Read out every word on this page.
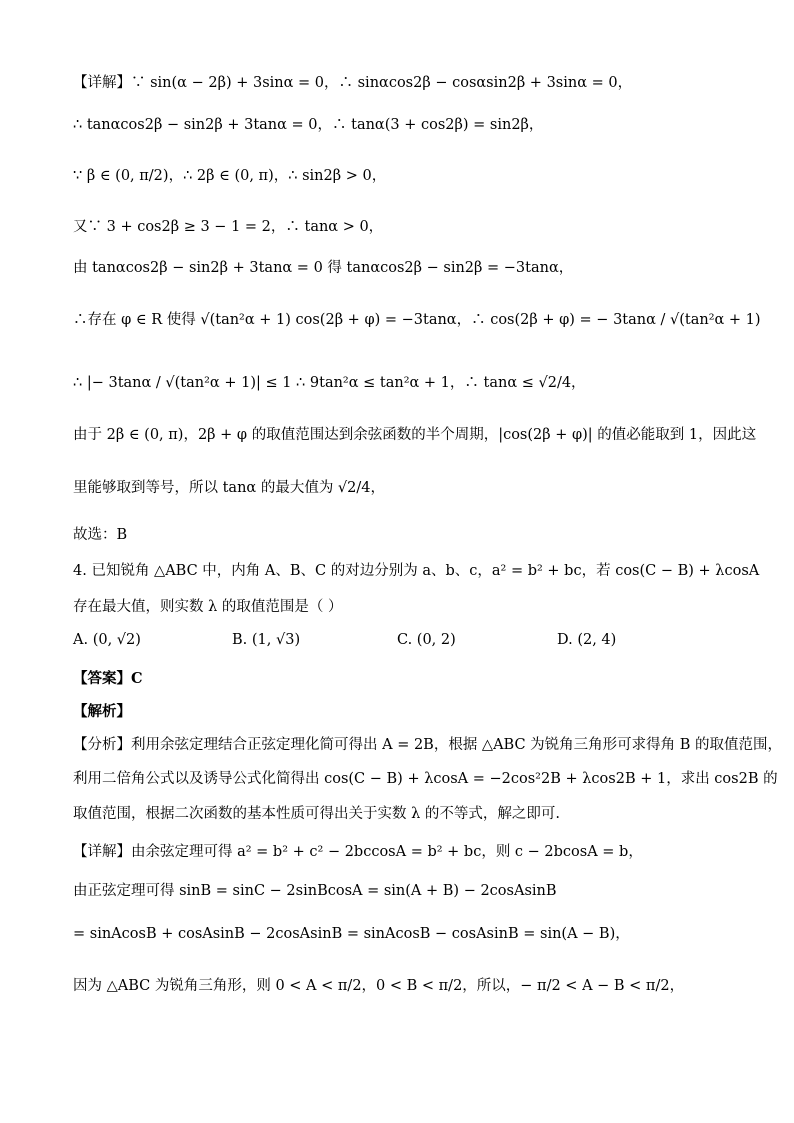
【详解】∵ sin(α − 2β) + 3sinα = 0，∴ sinαcos2β − cosαsin2β + 3sinα = 0，
∴ tanαcos2β − sin2β + 3tanα = 0，∴ tanα(3 + cos2β) = sin2β，
∵ β ∈ (0, π/2)，∴ 2β ∈ (0, π)，∴ sin2β > 0，
又∵ 3 + cos2β ≥ 3 − 1 = 2，∴ tanα > 0，
由 tanαcos2β − sin2β + 3tanα = 0 得 tanαcos2β − sin2β = −3tanα，
∴存在 φ ∈ R 使得 √(tan²α + 1) cos(2β + φ) = −3tanα，∴ cos(2β + φ) = − 3tanα / √(tan²α + 1)
∴ |− 3tanα / √(tan²α + 1)| ≤ 1 ∴ 9tan²α ≤ tan²α + 1，∴ tanα ≤ √2/4，
由于 2β ∈ (0, π)，2β + φ 的取值范围达到余弦函数的半个周期，|cos(2β + φ)| 的值必能取到 1，因此这
里能够取到等号，所以 tanα 的最大值为 √2/4，
故选：B
4. 已知锐角 △ABC 中，内角 A、B、C 的对边分别为 a、b、c，a² = b² + bc，若 cos(C − B) + λcosA
存在最大值，则实数 λ 的取值范围是（ ）
A. (0, √2)	B. (1, √3)	C. (0, 2)	D. (2, 4)
【答案】C
【解析】
【分析】利用余弦定理结合正弦定理化简可得出 A = 2B，根据 △ABC 为锐角三角形可求得角 B 的取值范围，
利用二倍角公式以及诱导公式化简得出 cos(C − B) + λcosA = −2cos²2B + λcos2B + 1，求出 cos2B 的
取值范围，根据二次函数的基本性质可得出关于实数 λ 的不等式，解之即可.
【详解】由余弦定理可得 a² = b² + c² − 2bccosA = b² + bc，则 c − 2bcosA = b，
由正弦定理可得 sinB = sinC − 2sinBcosA = sin(A + B) − 2cosAsinB
= sinAcosB + cosAsinB − 2cosAsinB = sinAcosB − cosAsinB = sin(A − B)，
因为 △ABC 为锐角三角形，则 0 < A < π/2，0 < B < π/2，所以，− π/2 < A − B < π/2，
